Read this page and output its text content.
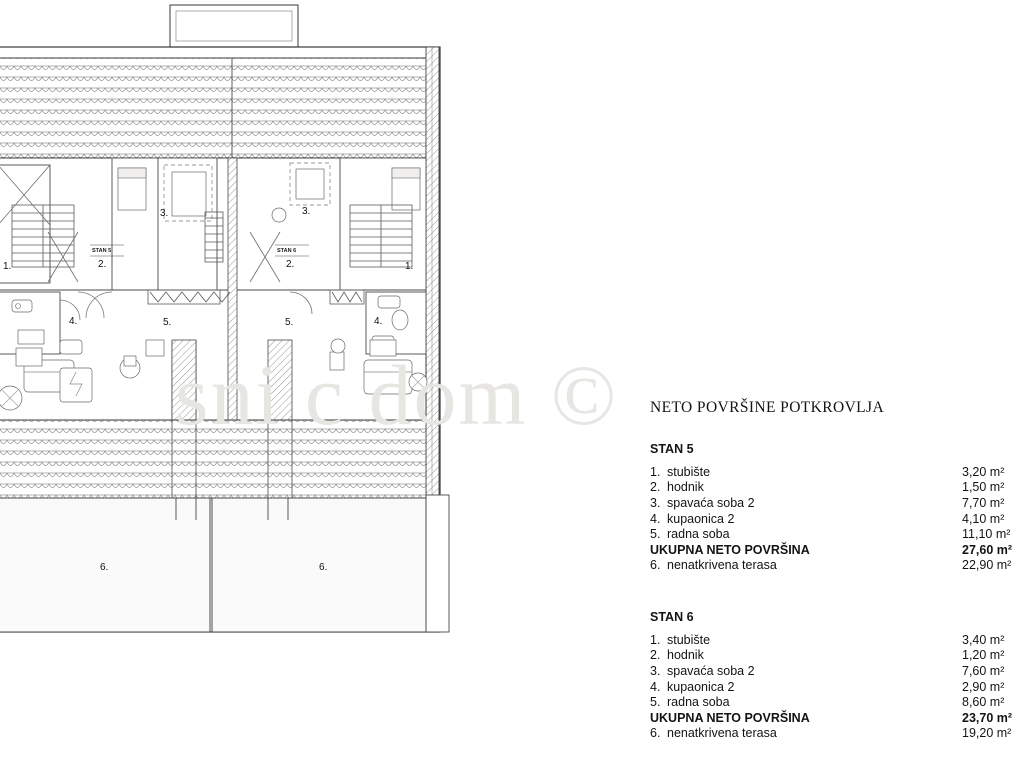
STAN 5	STAN 6
1.	2.
3.
4.	5.
6.
1.
2.
3.
4.
5.
6.
sni c dom © NETO POVRŠINE POTKROVLJA
STAN 5
1. stubište	3,20 m²
2. hodnik	1,50 m²
3. spavaća soba 2	7,70 m²
4. kupaonica 2	4,10 m²
5. radna soba	11,10 m²
UKUPNA NETO POVRŠINA	27,60 m²
6. nenatkrivena terasa	22,90 m²
STAN 6
1. stubište	3,40 m²
2. hodnik	1,20 m²
3. spavaća soba 2	7,60 m²
4. kupaonica 2	2,90 m²
5. radna soba	8,60 m²
UKUPNA NETO POVRŠINA	23,70 m²
6. nenatkrivena terasa	19,20 m²
